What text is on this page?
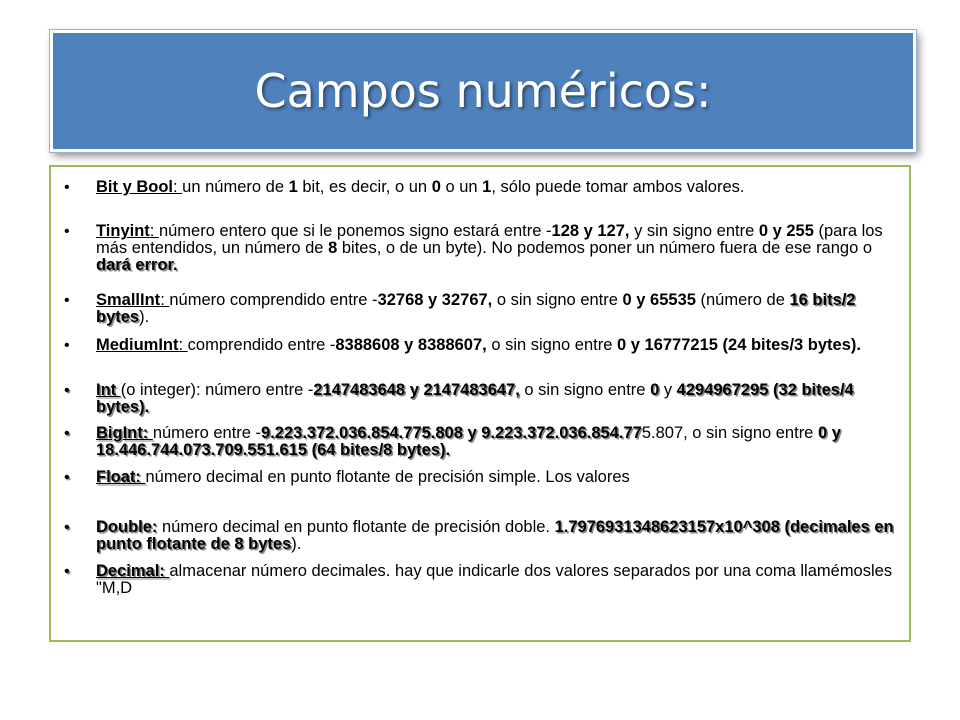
Campos numéricos:
• Bit y Bool: un número de 1 bit, es decir, o un 0 o un 1, sólo puede tomar ambos valores.
• Tinyint: número entero que si le ponemos signo estará entre -128 y 127, y sin signo entre 0 y 255 (para los más entendidos, un número de 8 bites, o de un byte). No podemos poner un número fuera de ese rango o dará error.
• SmallInt: número comprendido entre -32768 y 32767, o sin signo entre 0 y 65535 (número de 16 bits/2 bytes).
• MediumInt: comprendido entre -8388608 y 8388607, o sin signo entre 0 y 16777215 (24 bites/3 bytes).
• Int (o integer): número entre -2147483648 y 2147483647, o sin signo entre 0 y 4294967295 (32 bites/4 bytes).
• BigInt: número entre -9.223.372.036.854.775.808 y 9.223.372.036.854.775.807, o sin signo entre 0 y 18.446.744.073.709.551.615 (64 bites/8 bytes).
• Float: número decimal en punto flotante de precisión simple. Los valores
• Double: número decimal en punto flotante de precisión doble. 1.7976931348623157x10^308 (decimales en punto flotante de 8 bytes).
• Decimal: almacenar número decimales. hay que indicarle dos valores separados por una coma llamémosles "M,D
